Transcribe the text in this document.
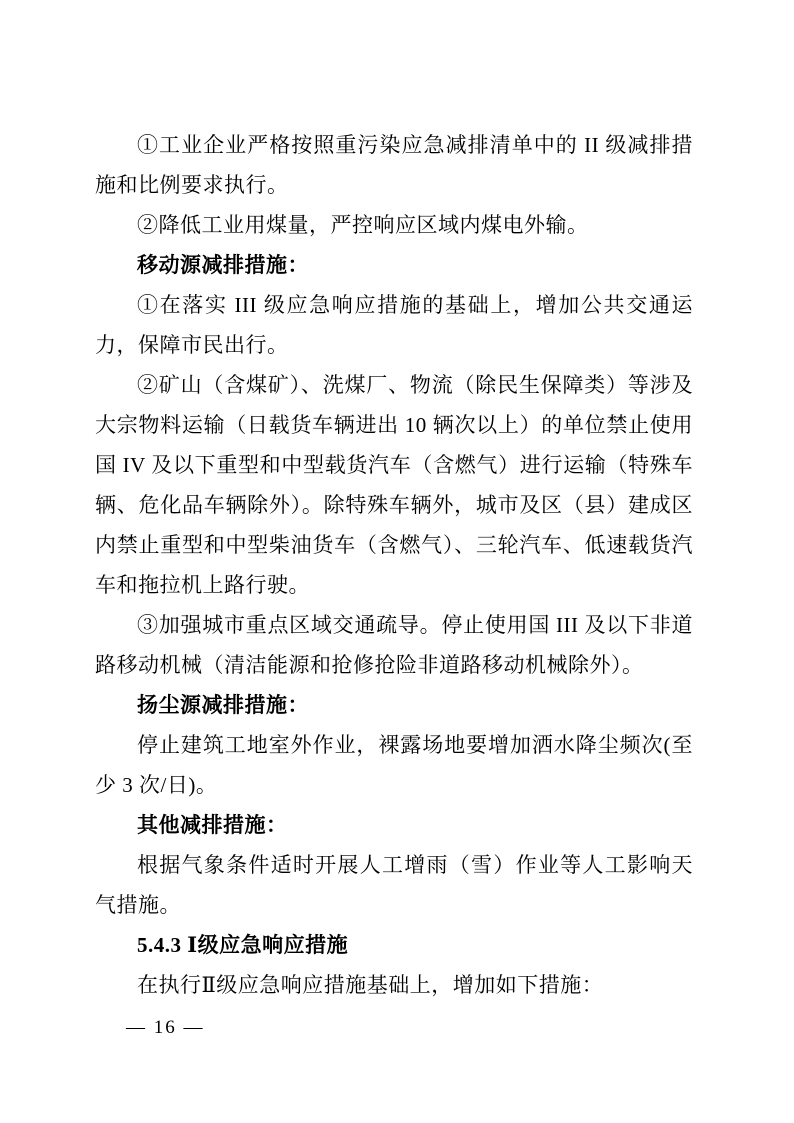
①工业企业严格按照重污染应急减排清单中的 II 级减排措施和比例要求执行。

②降低工业用煤量，严控响应区域内煤电外输。

移动源减排措施：

①在落实 III 级应急响应措施的基础上，增加公共交通运力，保障市民出行。

②矿山（含煤矿）、洗煤厂、物流（除民生保障类）等涉及大宗物料运输（日载货车辆进出 10 辆次以上）的单位禁止使用国 IV 及以下重型和中型载货汽车（含燃气）进行运输（特殊车辆、危化品车辆除外）。除特殊车辆外，城市及区（县）建成区内禁止重型和中型柴油货车（含燃气）、三轮汽车、低速载货汽车和拖拉机上路行驶。

③加强城市重点区域交通疏导。停止使用国 III 及以下非道路移动机械（清洁能源和抢修抢险非道路移动机械除外）。

扬尘源减排措施：

停止建筑工地室外作业，裸露场地要增加洒水降尘频次(至少 3 次/日)。

其他减排措施：

根据气象条件适时开展人工增雨（雪）作业等人工影响天气措施。

5.4.3 Ⅰ级应急响应措施

在执行Ⅱ级应急响应措施基础上，增加如下措施：

— 16 —
